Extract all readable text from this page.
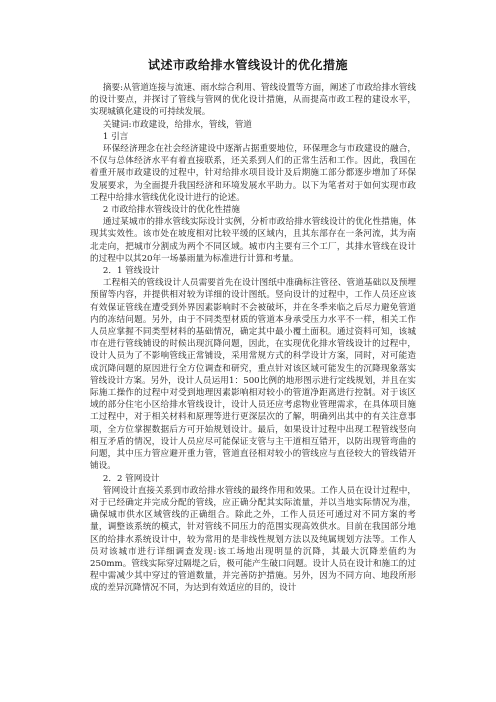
试述市政给排水管线设计的优化措施

摘要:从管道连接与流速、雨水综合利用、管线设置等方面，阐述了市政给排水管线的设计要点，并探讨了管线与管网的优化设计措施，从而提高市政工程的建设水平，实现城镇化建设的可持续发展。

关键词:市政建设，给排水，管线，管道

1 引言

环保经济理念在社会经济建设中逐渐占据重要地位，环保理念与市政建设的融合，不仅与总体经济水平有着直接联系，还关系到人们的正常生活和工作。因此，我国在着重开展市政建设的过程中，针对给排水项目设计及后期施工部分都逐步增加了环保发展要求，为全面提升我国经济和环境发展水平助力。以下为笔者对于如何实现市政工程中给排水管线优化设计进行的论述。

2 市政给排水管线设计的优化性措施

通过某城市的排水管线实际设计实例，分析市政给排水管线设计的优化性措施，体现其实效性。该市处在坡度相对比较平缓的区域内，且其东部存在一条河流，其为南北走向，把城市分割成为两个不同区域。城市内主要有三个工厂，其排水管线在设计的过程中以其20年一场暴雨量为标准进行计算和考量。

2．1 管线设计

工程相关的管线设计人员需要首先在设计图纸中准确标注管径、管道基础以及预埋预留等内容，并提供相对较为详细的设计图纸。竖向设计的过程中，工作人员还应该有效保证管线在遭受到外界因素影响时不会被破坏，并在冬季来临之后尽力避免管道内的冻结问题。另外，由于不同类型材质的管道本身承受压力水平不一样，相关工作人员应掌握不同类型材料的基础情况，确定其中最小覆土面积。通过资料可知，该城市在进行管线铺设的时候出现沉降问题，因此，在实现优化排水管线设计的过程中，设计人员为了不影响管线正常铺设，采用常规方式的科学设计方案，同时，对可能造成沉降问题的原因进行全方位调查和研究，重点针对该区域可能发生的沉降现象落实管线设计方案。另外，设计人员运用1：500比例的地形图示进行定线规划，并且在实际施工操作的过程中对受到地理因素影响相对较小的管道净距离进行控制。对于该区域的部分住宅小区给排水管线设计，设计人员还应考虑物业管理需求，在具体项目施工过程中，对于相关材料和原理等进行更深层次的了解，明确列出其中的有关注意事项，全方位掌握数据后方可开始规划设计。最后，如果设计过程中出现工程管线竖向相互矛盾的情况，设计人员应尽可能保证支管与主干道相互错开，以防出现管弯曲的问题，其中压力管应避开重力管，管道直径相对较小的管线应与直径较大的管线错开铺设。

2．2 管网设计

管网设计直接关系到市政给排水管线的最终作用和效果。工作人员在设计过程中，对于已经确定并完成分配的管线，应正确分配其实际流量，并以当地实际情况为准，确保城市供水区域管线的正确组合。除此之外，工作人员还可通过对不同方案的考量，调整该系统的模式，针对管线不同压力的范围实现高效供水。目前在我国部分地区的给排水系统设计中，较为常用的是非线性规划方法以及纯属规划方法等。工作人员对该城市进行详细调查发现:该工场地出现明显的沉降，其最大沉降差值约为250mm。管线实际穿过隔堤之后，极可能产生破口问题。设计人员在设计和施工的过程中需减少其中穿过的管道数量，并完善防护措施。另外，因为不同方向、地段所形成的差异沉降情况不同，为达到有效适应的目的，设计
